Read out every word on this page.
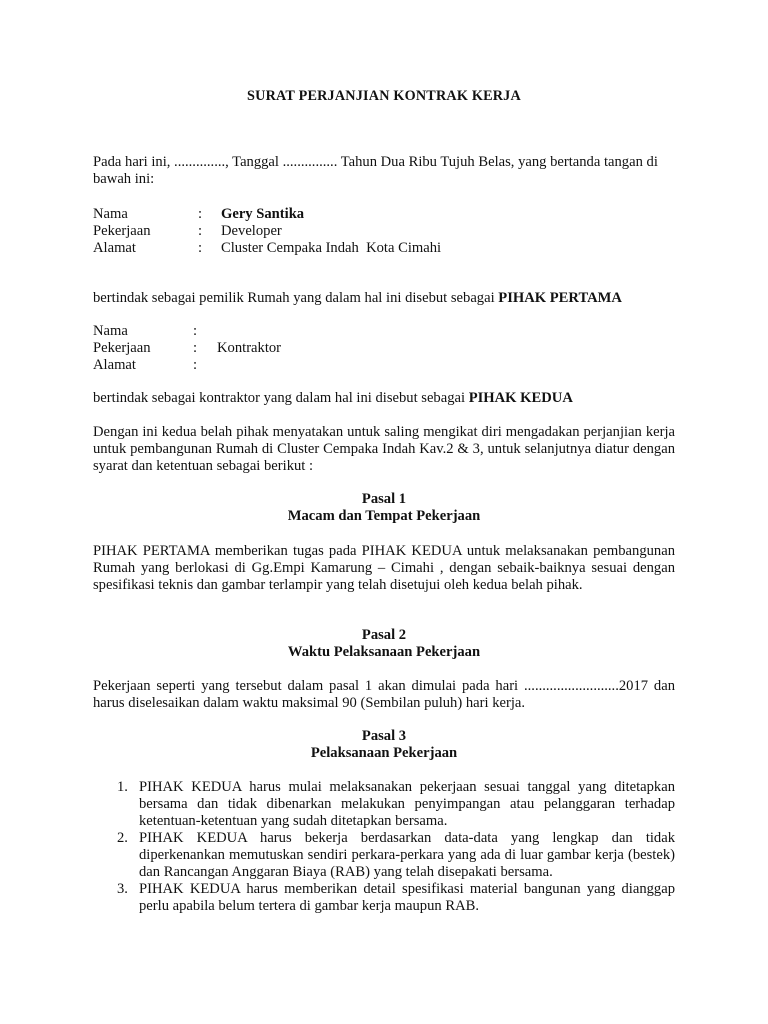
SURAT PERJANJIAN KONTRAK KERJA
Pada hari ini, .............., Tanggal ............... Tahun Dua Ribu Tujuh Belas, yang bertanda tangan di bawah ini:
Nama	: Gery Santika
Pekerjaan	: Developer
Alamat	: Cluster Cempaka Indah  Kota Cimahi
bertindak sebagai pemilik Rumah yang dalam hal ini disebut sebagai PIHAK PERTAMA
Nama	:
Pekerjaan	: Kontraktor
Alamat	:
bertindak sebagai kontraktor yang dalam hal ini disebut sebagai PIHAK KEDUA
Dengan ini kedua belah pihak menyatakan untuk saling mengikat diri mengadakan perjanjian kerja untuk pembangunan Rumah di Cluster Cempaka Indah Kav.2 & 3, untuk selanjutnya diatur dengan syarat dan ketentuan sebagai berikut :
Pasal 1
Macam dan Tempat Pekerjaan
PIHAK PERTAMA memberikan tugas pada PIHAK KEDUA untuk melaksanakan pembangunan Rumah yang berlokasi di Gg.Empi Kamarung – Cimahi , dengan sebaik-baiknya sesuai dengan spesifikasi teknis dan gambar terlampir yang telah disetujui oleh kedua belah pihak.
Pasal 2
Waktu Pelaksanaan Pekerjaan
Pekerjaan seperti yang tersebut dalam pasal 1 akan dimulai pada hari ..........................2017 dan harus diselesaikan dalam waktu maksimal 90 (Sembilan puluh) hari kerja.
Pasal 3
Pelaksanaan Pekerjaan
1. PIHAK KEDUA harus mulai melaksanakan pekerjaan sesuai tanggal yang ditetapkan bersama dan tidak dibenarkan melakukan penyimpangan atau pelanggaran terhadap ketentuan-ketentuan yang sudah ditetapkan bersama.
2. PIHAK KEDUA harus bekerja berdasarkan data-data yang lengkap dan tidak diperkenankan memutuskan sendiri perkara-perkara yang ada di luar gambar kerja (bestek) dan Rancangan Anggaran Biaya (RAB) yang telah disepakati bersama.
3. PIHAK KEDUA harus memberikan detail spesifikasi material bangunan yang dianggap perlu apabila belum tertera di gambar kerja maupun RAB.
